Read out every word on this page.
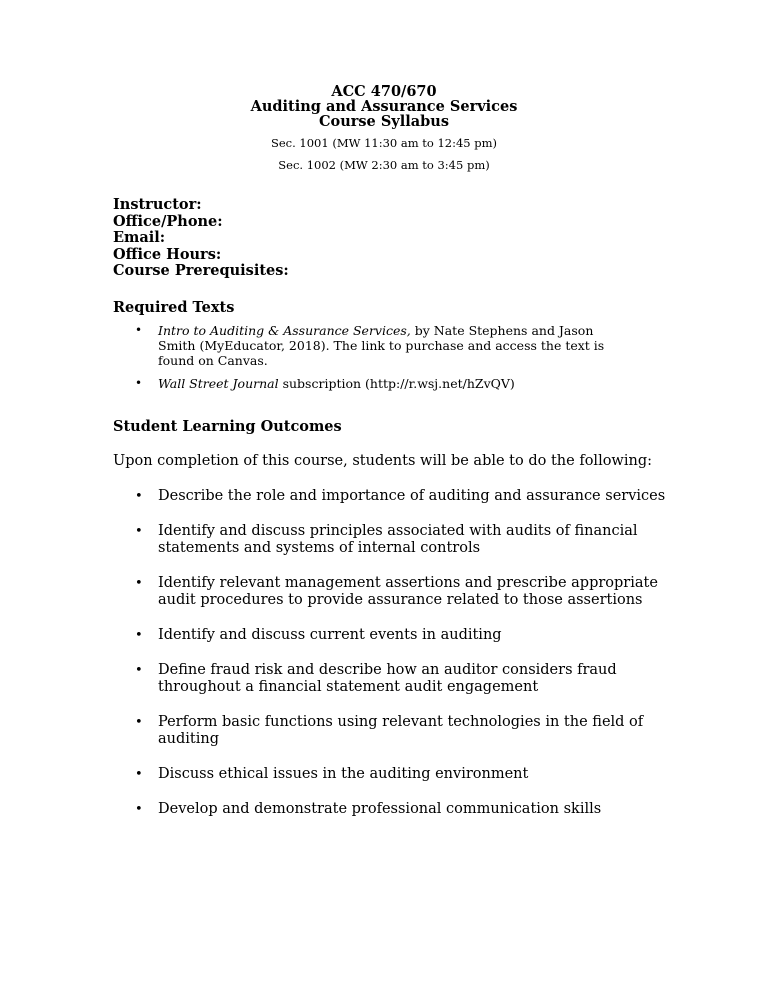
ACC 470/670
Auditing and Assurance Services
Course Syllabus
Sec. 1001 (MW 11:30 am to 12:45 pm)
Sec. 1002 (MW 2:30 am to 3:45 pm)
Instructor:
Office/Phone:
Email:
Office Hours:
Course Prerequisites:
Required Texts
• Intro to Auditing & Assurance Services, by Nate Stephens and Jason Smith (MyEducator, 2018). The link to purchase and access the text is found on Canvas.
• Wall Street Journal subscription (http://r.wsj.net/hZvQV)
Student Learning Outcomes
Upon completion of this course, students will be able to do the following:
• Describe the role and importance of auditing and assurance services
• Identify and discuss principles associated with audits of financial statements and systems of internal controls
• Identify relevant management assertions and prescribe appropriate audit procedures to provide assurance related to those assertions
• Identify and discuss current events in auditing
• Define fraud risk and describe how an auditor considers fraud throughout a financial statement audit engagement
• Perform basic functions using relevant technologies in the field of auditing
• Discuss ethical issues in the auditing environment
• Develop and demonstrate professional communication skills
